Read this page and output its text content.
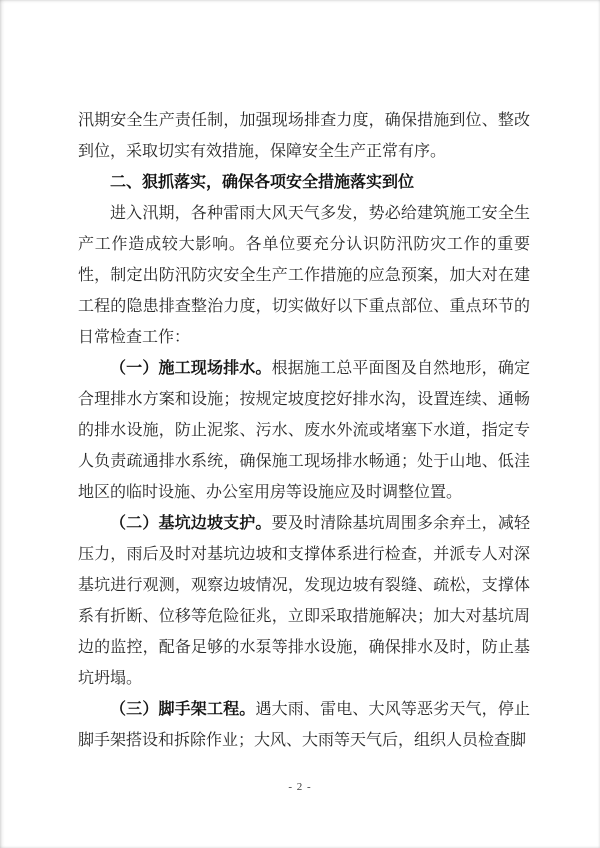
汛期安全生产责任制，加强现场排查力度，确保措施到位、整改到位，采取切实有效措施，保障安全生产正常有序。

二、狠抓落实，确保各项安全措施落实到位

进入汛期，各种雷雨大风天气多发，势必给建筑施工安全生产工作造成较大影响。各单位要充分认识防汛防灾工作的重要性，制定出防汛防灾安全生产工作措施的应急预案，加大对在建工程的隐患排查整治力度，切实做好以下重点部位、重点环节的日常检查工作：

（一）施工现场排水。根据施工总平面图及自然地形，确定合理排水方案和设施；按规定坡度挖好排水沟，设置连续、通畅的排水设施，防止泥浆、污水、废水外流或堵塞下水道，指定专人负责疏通排水系统，确保施工现场排水畅通；处于山地、低洼地区的临时设施、办公室用房等设施应及时调整位置。

（二）基坑边坡支护。要及时清除基坑周围多余弃土，减轻压力，雨后及时对基坑边坡和支撑体系进行检查，并派专人对深基坑进行观测，观察边坡情况，发现边坡有裂缝、疏松，支撑体系有折断、位移等危险征兆，立即采取措施解决；加大对基坑周边的监控，配备足够的水泵等排水设施，确保排水及时，防止基坑坍塌。

（三）脚手架工程。遇大雨、雷电、大风等恶劣天气，停止脚手架搭设和拆除作业；大风、大雨等天气后，组织人员检查脚

- 2 -
